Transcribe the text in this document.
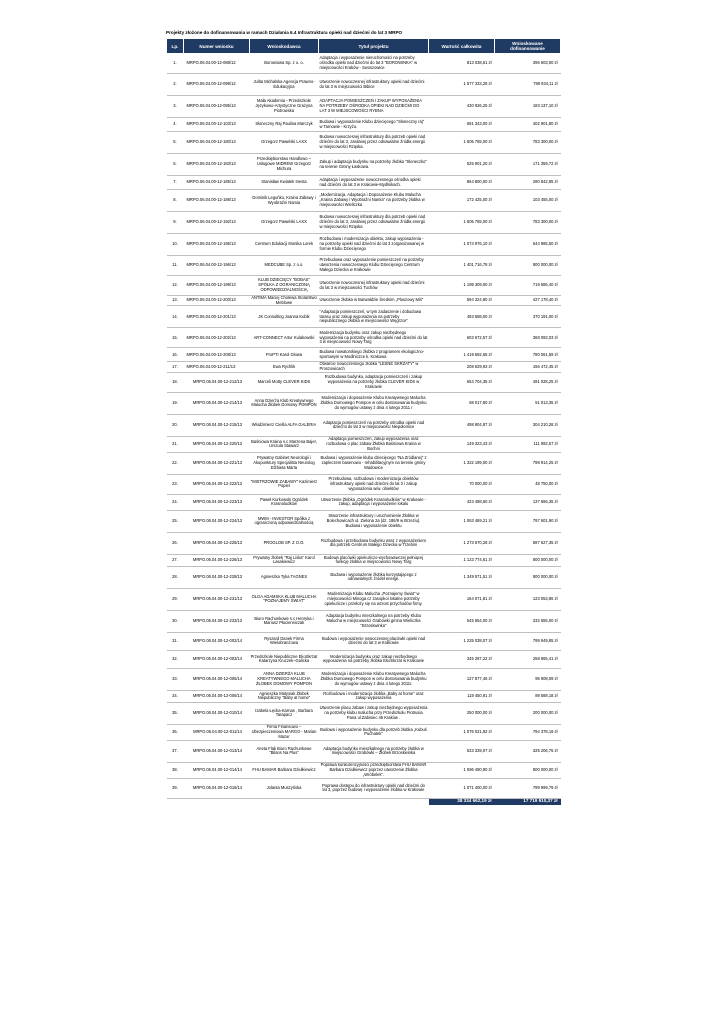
Projekty złożone do dofinansowania w ramach Działania 6.4 Infrastruktura opieki nad dziećmi do lat 3 MRPO
Lp.	Numer wniosku	Wnioskodawca	Tytuł projektu	Wartość całkowita	Wnioskowane dofinansowanie
1.	MRPO.06.04.00-12-088/12	Borowiowa Sp. z o. o.	Adaptacja i wyposażenie nieruchomości na potrzeby ośrodka opieki nad dziećmi do lat 3 "BOROWINKA" w miejscowości Kraków - Swoszowice	813 038,61 zł	396 603,00 zł
2.	MRPO.06.04.00-12-099/12	Julita Michalska Agencja Prawno-Edukacyjna	Utworzenie nowoczesnej infrastruktury opieki nad dziećmi do lat 3 w miejscowości Bibice	1 577 333,28 zł	799 934,11 zł
3.	MRPO.06.04.00-12-095/13	Mała Akademia - Przedszkole Językowo-Artystyczne Grażyna Piotrowska	ADAPTACJA POMIESZCZEŃ I ZAKUP WYPOSAŻENIA NA POTRZEBY OŚRODKA OPIEKI NAD DZIEĆMI DO LAT 3 W MIEJSCOWOŚCI RYBNA	430 926,25 zł	183 137,10 zł
4.	MRPO.06.04.00-12-103/13	Słoneczny Raj Paulina Marczyk	Budowa i wyposażenie Klubu dziecięcego "Słoneczny raj" w Tarnowie - Krzyżu.	691 343,00 zł	402 901,80 zł
5.	MRPO.06.04.00-12-180/13	Grzegorz Pawelski LAXX	Budowa nowoczesnej infrastruktury dla potrzeb opieki nad dziećmi do lat 3, zasilanej przez odnawialne źródła energii w miejscowości Rząska.	1 605 765,00 zł	783 300,00 zł
6.	MRPO.06.04.00-12-183/13	Przedsiębiorstwo Handlowo – Usługowe MIDREW Grzegorz Michura	Zakup i adaptacja budynku na potrzeby żłobka "Słoneczko" na terenie Gminy Łaskowa.	525 901,20 zł	171 359,72 zł
7.	MRPO.06.04.00-12-185/13	Stanisław Kwiatek Inesta	Adaptacja i wyposażenie nowoczesnego ośrodka opieki nad dziećmi do lat 3 w Krakowie-Mydlnikach.	864 800,00 zł	280 842,85 zł
8.	MRPO.06.04.00-12-188/13	Dominik Leguńko, Kraina Zabawy i Wyobraźni Namia	„Modernizacja, Adaptacja i Doposażenie Klubu Malucha „Kraina Zabawy i Wyobraźni Namia" na potrzeby żłobka w miejscowości Wieliczka	172 425,00 zł	103 455,00 zł
9.	MRPO.06.04.00-12-192/13	Grzegorz Pawelski LAXX	Budowa nowoczesnej infrastruktury dla potrzeb opieki nad dziećmi do lat 3, zasilanej przez odnawialne źródła energii w miejscowości Rząska	1 605 765,00 zł	783 300,00 zł
10.	MRPO.06.04.00-12-195/13	Centrum Edukacji Monika Lorek	Rozbudowa i modernizacja obiektu, zakup wyposażenia - na potrzeby opieki nad dziećmi do lat 3 zorganizowanej w formie Klubu Dziecięcego	1 074 976,10 zł	644 985,50 zł
11.	MRPO.06.04.00-12-196/13	MEDCUBE Sp. z o.o.	Przebudowa oraz wyposażenie pomieszczeń na potrzeby utworzenia nowoczesnego Klubu Dziecięcego Centrum Małego Dziecka w Krakowie	1 401 716,78 zł	800 000,00 zł
12.	MRPO.06.04.00-12-199/13	KLUB DZIECIĘCY "BOBAS" SPÓŁKA Z OGRANICZONĄ ODPOWIEDZIALNOŚCIĄ	Utworzenie nowoczesnej infrastruktury opieki nad dziećmi do lat 3 w miejscowości Tuchów	1 199 309,00 zł	719 585,40 zł
13.	MRPO.06.04.00-12-200/13	ANTIMA Maciej Cholewa Stolarstwo Meblowe	Utworzenie żłobka w Barwałdzie Średnim „Pluszowy Miś"	594 324,80 zł	427 178,40 zł
14.	MRPO.06.04.00-12-201/13	JK Consulting Joanna Kubik	"Adaptacja pomieszczeń, w tym zadaszenie i dobudowa tarasu oraz zakup wyposażenia na potrzeby niepublicznego żłobka w miejscowości Węgrzce"	493 588,00 zł	370 191,00 zł
15.	MRPO.06.04.00-12-202/13	ART-CONNECT Artur Kulakowski	Modernizacja budynku oraz zakup niezbędnego wyposażenia na potrzeby ośrodka opieki nad dziećmi do lat 3 w miejscowości Nowy Targ	603 672,57 zł	368 093,03 zł
16.	MRPO.06.04.00-12-208/13	ProPTI Karol Głowa	Budowa nowatorskiego żłobka z programem ekologiczno-sportowym w Modlniczce k. Krakowa	1 419 592,65 zł	780 061,59 zł
17.	MRPO.06.04.00-12-211/13	Ewa Rychlik	Otwarcie nowoczesnego żłobka "LEŚNE SKRZATY" w Proszowicach	208 629,93 zł	156 472,45 zł
18.	MRPO.06.04.00-12-212/13	Marceli Motty CLEVER KIDS	Rozbudowa budynku, adaptacja pomieszczeń i zakup wyposażenia na potrzeby żłobka CLEVER KIDS w Krakowie	654 704,35 zł	491 028,25 zł
19.	MRPO.06.04.00-12-214/13	Anna Dzierża Klub Kreatywnego Malucha Żłobek Domowy POMPON	Modernizacja i doposażenie Klubu Kreatywnego Malucha Żłobka Domowego Pompon w celu dostosowania budynku do wymogów ustawy z dnia 4 lutego 2011 r	68 017,80 zł	51 013,35 zł
20.	MRPO.06.04.00-12-215/13	Włodzimierz Cieśla ALFA GALERIA	Adaptacja pomieszczeń na potrzeby ośrodka opieki nad dziećmi do lat 3 w miejscowości Niepołomice	498 904,87 zł	304 210,28 zł
21.	MRPO.06.04.00-12-220/13	Baśniowa Kraina s.c Marzena Bajer, Urszula Stawarz	Adaptacja pomieszczeń, zakup wyposażenia oraz rozbudowa o plac zabaw Żłobka Baśniowa Kraina w Bochni	149 323,43 zł	111 992,57 zł
22.	MRPO.06.04.00-12-221/13	Prywatny Gabinet Neurologii i Akupunktury Specjalista Neurolog Elżbieta Marta	Budowa i wyposażenie klubu dziecięcego "Na Zródlanej" z zapleczem basenowo - rehabilitacyjnym na terenie gminy Wadowice	1 322 199,00 zł	798 914,25 zł
23.	MRPO.06.04.00-12-222/13	"MISTRZOWIE ZABAWY" Kazimierz Popiel	Przebudowa, rozbudowa i modernizacja obiektów infrastruktury opieki nad dziećmi do lat 3 i zakup wyposażenia w/w. obiektów	70 000,00 zł	48 750,00 zł
24.	MRPO.06.04.00-12-223/13	Paweł Kurkowski Ogródek Krasnoludków	Utworzenie Żłobka „Ogródek Krasnoludków" w Krakowie - zakup, adaptacja i wyposażenie lokalu	423 488,60 zł	137 666,35 zł
25.	MRPO.06.04.00-12-224/13	MWM - INVESTOR Spółka z ograniczoną odpowiedzialnością	Stworzenie infrastruktury i uruchomienie Żłobka w Bolechowicach ul. Zielona 2a (dz. 186/9 w Brzeziu). Budowa i wyposażenie obiektu	1 063 469,21 zł	797 601,90 zł
26.	MRPO.06.04.00-12-225/13	PROGLOB SP. Z O.O.	Rozbudowa i przebudowa budynku wraz z wyposażeniem dla potrzeb Centrum Małego Dziecka w Trzebini	1 273 570,28 zł	587 627,35 zł
27.	MRPO.06.04.00-12-226/13	Prywatny żłobek "Raj Liska" Karol Lasakiewicz	Budowa placówki opiekuńczo-wychowawczej pełniącej funkcję żłobka w miejscowości Nowy Targ	1 123 774,61 zł	800 000,00 zł
28.	MRPO.06.04.00-12-228/13	Agnieszka Tyka TAGNES	Budowa i wyposażenie żłobka korzystającego z odnawialnych źródeł energii.	1 349 571,51 zł	800 000,00 zł
29.	MRPO.06.04.00-12-231/13	OLGA ADAMSKA KLUB MALUCHA "POZNAJEMY ŚWIAT"	Modernizacja Klubu Malucha „Poznajemy Świat" w miejscowości Minoga cz zasopkoi lokalne potrzeby opiekuńcze i przełoży się na wzrost przychodów firmy.	164 071,81 zł	123 053,86 zł
30.	MRPO.06.04.00-12-233/13	Biuro Rachunkowe s.c Henryka i Mariusz Płucienniczak	Adaptacja budynku mieszkalnego na potrzeby Klubu Malucha w miejscowości Grabówki gmina Wieliczka "Brzoskwinka"	545 554,00 zł	332 655,00 zł
31.	MRPO.06.04.00-12-002/14	Ryszard Danek Firma Wielobranżowa	Budowa i wyposażenie nowoczesnej placówki opieki nad dziećmi do lat 3 w Krakowie	1 225 038,07 zł	799 949,85 zł
32.	MRPO.06.04.00-12-003/14	Przedszkole Niepubliczne EkoSkrzat Katarzyna Kruczek–Galicka	Modernizacja budynku oraz zakup niezbędnego wyposażenia na potrzeby żłobka EkoSkrzat w Krakowie	345 287,22 zł	258 965,41 zł
33.	MRPO.06.04.00-12-005/14	ANNA DZIERŻA KLUB KREATYWNEGO MALUCHA ŻŁOBEK DOMOWY POMPON	Modernizacja i doposażenie Klubu Kreatywnego Malucha Żłobka Domowego Pompon w celu dostosowania budynku do wymogów ustawy z dnia 4 lutego 2011r.	127 877,46 zł	95 908,09 zł
34.	MRPO.06.04.00-12-006/14	Agnieszka Matysiak Żłobek Niepubliczny "Baby at home"	Rozbudowa i modernizacja żłobka „Baby at home" oraz zakup wyposażenia	119 450,91 zł	89 588,18 zł
35.	MRPO.06.04.00-12-010/14	Izabela Łęcka-Karnas , Barbara Tarapacz	Utworzenie placu zabaw i zakup niezbędnego wyposażenia na potrzeby klubu malucha przy Przedszkolu Piotrusia Pana ul.Zabiniec 45 Kraków .	250 000,00 zł	200 000,00 zł
36.	MRPO.06.04.00-12-011/14	Firma Finansowo – Ubezpieczeniowa MARGO - Marian Mazur	Budowa i wyposażenie budynku dla potrzeb żłobka „Kubuś Puchatek"	1 076 021,92 zł	794 378,19 zł
37.	MRPO.06.04.00-12-013/14	Aneta Flak Biuro Rachunkowe "Bilans Na Plus"	Adaptacja budynku mieszkalnego na potrzeby żłobka w miejscowości Grabówki – Żłobek Brzoskwinka	533 339,07 zł	325 206,75 zł
38.	MRPO.06.04.00-12-014/14	FHU BAMAR Barbara Dziułkiewicz	Poprawa konkurencyjności przedsiębiorstwa FHU BAMAR Barbara Dziułkiewicz poprzez utworzenie Żłobka „Wróbelek".	1 596 490,90 zł	800 000,00 zł
39.	MRPO.06.04.00-12-015/14	Jolanta Muszyńska	Poprawa dostępu do infrastruktury opieki nad dziećmi do lat 3, poprzez budowę i wyposażenie żłobka w Krakowie	1 071 400,00 zł	799 999,79 zł
				38 334 662,19 zł	17 719 910,37 zł
